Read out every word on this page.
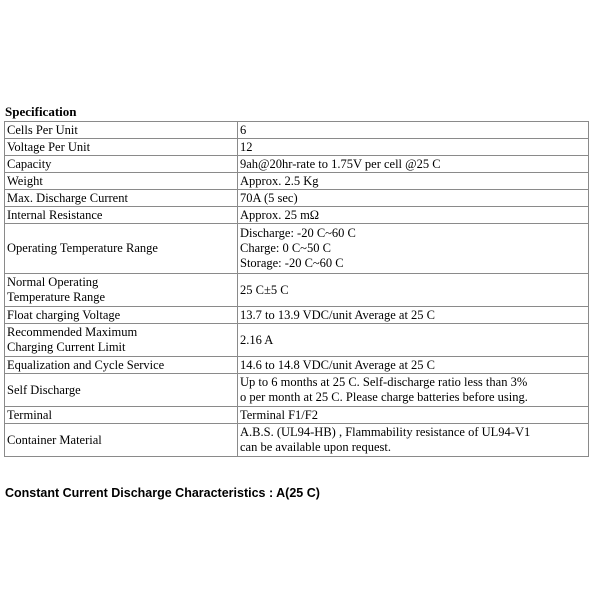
Specification
Cells Per Unit	6
Voltage Per Unit	12
Capacity	9ah@20hr-rate to 1.75V per cell @25 C
Weight	Approx. 2.5 Kg
Max. Discharge Current	70A (5 sec)
Internal Resistance	Approx. 25 mΩ
Operating Temperature Range	Discharge: -20 C~60 C
Charge: 0 C~50 C
Storage: -20 C~60 C
Normal Operating
Temperature Range	25 C±5 C
Float charging Voltage	13.7 to 13.9 VDC/unit Average at 25 C
Recommended Maximum
Charging Current Limit	2.16 A
Equalization and Cycle Service	14.6 to 14.8 VDC/unit Average at 25 C
Self Discharge	Up to 6 months at 25 C. Self-discharge ratio less than 3%
o per month at 25 C. Please charge batteries before using.
Terminal	Terminal F1/F2
Container Material	A.B.S. (UL94-HB) , Flammability resistance of UL94-V1
can be available upon request.
Constant Current Discharge Characteristics : A(25 C)
